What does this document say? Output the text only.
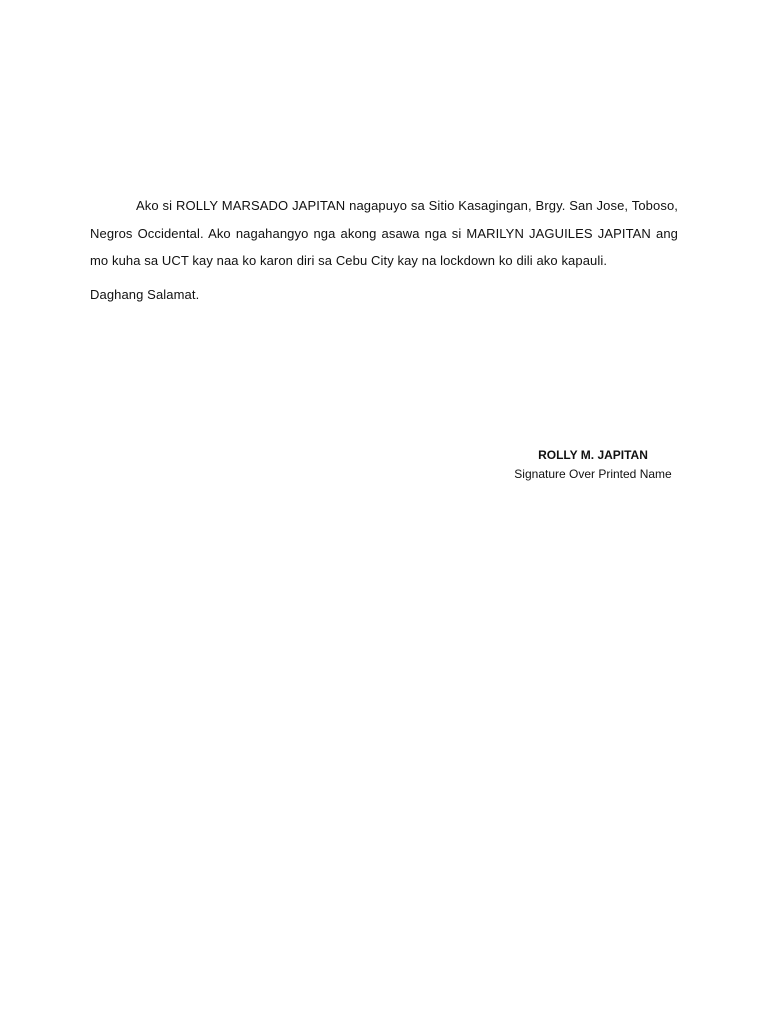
Ako si ROLLY MARSADO JAPITAN nagapuyo sa Sitio Kasagingan, Brgy. San Jose, Toboso, Negros Occidental. Ako nagahangyo nga akong asawa nga si MARILYN JAGUILES JAPITAN ang mo kuha sa UCT kay naa ko karon diri sa Cebu City kay na lockdown ko dili ako kapauli.

Daghang Salamat.

ROLLY M. JAPITAN
Signature Over Printed Name
